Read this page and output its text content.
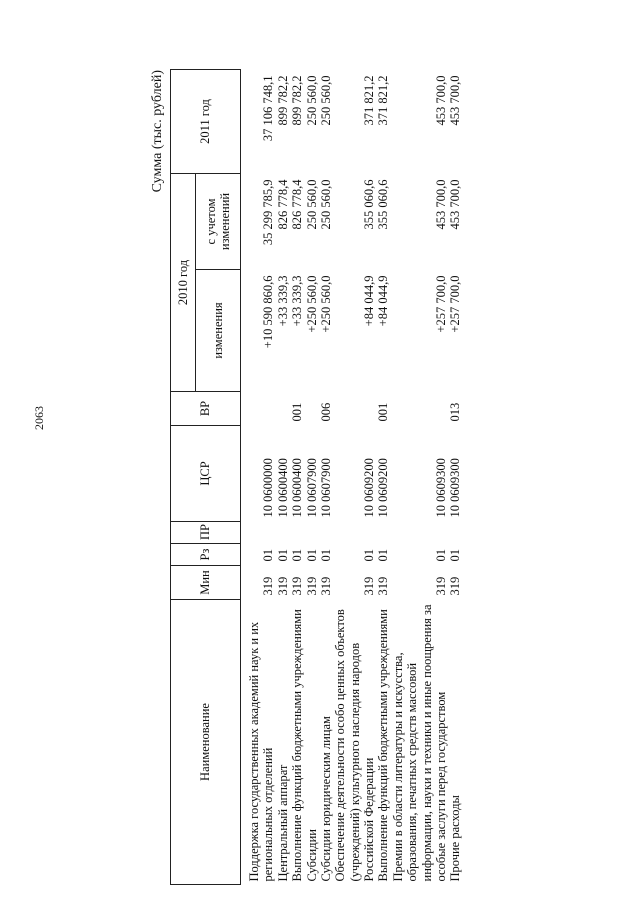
2063
Сумма (тыс. рублей)
Наименование	Мин	Рз	ПР	ЦСР	ВР	2010 год		2011 год
						изменения	с учетом изменений	

Поддержка государственных академий наук и их региональных отделений	319	01		10 0600000		+10 590 860,6	35 299 785,9	37 106 748,1
Центральный аппарат	319	01		10 0600400		+33 339,3	826 778,4	899 782,2
Выполнение функций бюджетными учреждениями	319	01		10 0600400	001	+33 339,3	826 778,4	899 782,2
Субсидии	319	01		10 0607900		+250 560,0	250 560,0	250 560,0
Субсидии юридическим лицам	319	01		10 0607900	006	+250 560,0	250 560,0	250 560,0
Обеспечение деятельности особо ценных объектов (учреждений) культурного наследия народов Российской Федерации	319	01		10 0609200		+84 044,9	355 060,6	371 821,2
Выполнение функций бюджетными учреждениями	319	01		10 0609200	001	+84 044,9	355 060,6	371 821,2
Премии в области литературы и искусства, образования, печатных средств массовой информации, науки и техники и иные поощрения за особые заслуги перед государством	319	01		10 0609300		+257 700,0	453 700,0	453 700,0
Прочие расходы	319	01		10 0609300	013	+257 700,0	453 700,0	453 700,0
